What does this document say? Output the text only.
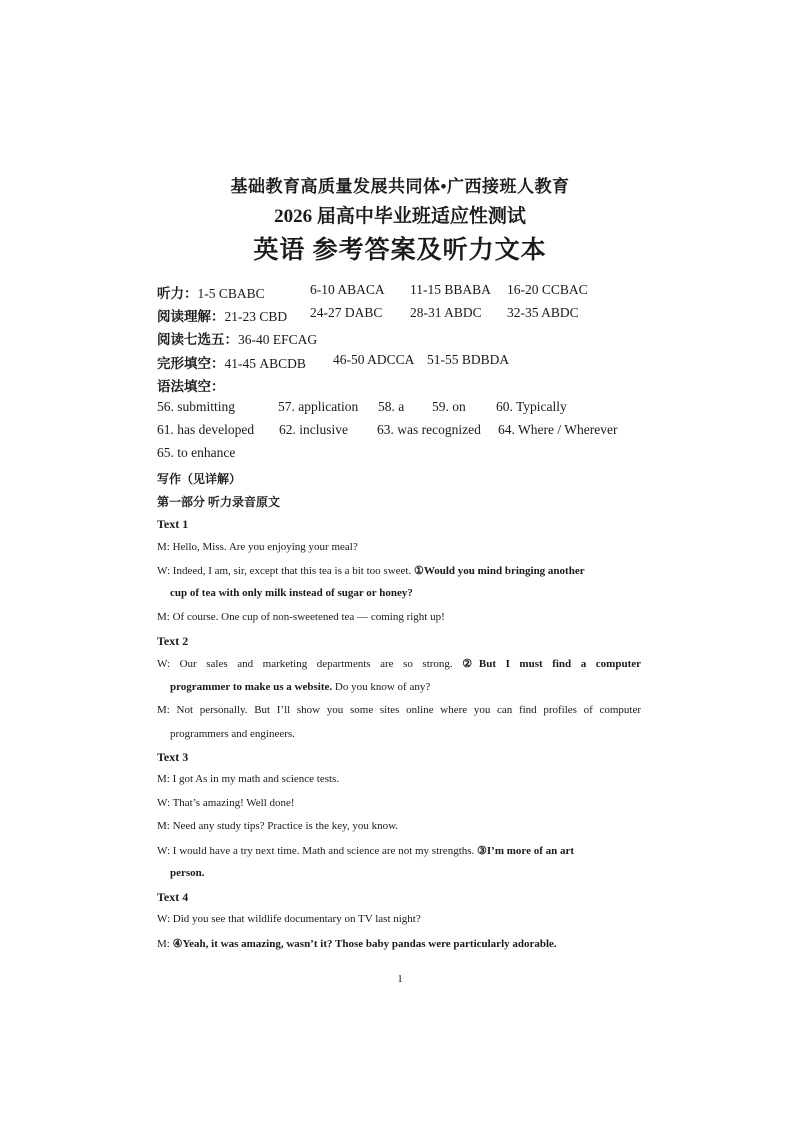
基础教育高质量发展共同体•广西接班人教育
2026 届高中毕业班适应性测试
英语 参考答案及听力文本
听力：1-5 CBABC	6-10 ABACA 11-15 BBABA 16-20 CCBAC
阅读理解：21-23 CBD 24-27 DABC 28-31 ABDC 32-35 ABDC
阅读七选五：36-40 EFCAG
完形填空：41-45 ABCDB 46-50 ADCCA 51-55 BDBDA
语法填空：
56. submitting	57. application 58. a 59. on 60. Typically
61. has developed 62. inclusive 63. was recognized 64. Where / Wherever
65. to enhance
写作（见详解）
第一部分 听力录音原文
Text 1
M: Hello, Miss. Are you enjoying your meal?
W: Indeed, I am, sir, except that this tea is a bit too sweet. ①Would you mind bringing another
cup of tea with only milk instead of sugar or honey?
M: Of course. One cup of non-sweetened tea — coming right up!
Text 2
W: Our sales and marketing departments are so strong. ②But I must find a computer
programmer to make us a website. Do you know of any?
M: Not personally. But I’ll show you some sites online where you can find profiles of computer
programmers and engineers.
Text 3
M: I got As in my math and science tests.
W: That’s amazing! Well done!
M: Need any study tips? Practice is the key, you know.
W: I would have a try next time. Math and science are not my strengths. ③I’m more of an art
person.
Text 4
W: Did you see that wildlife documentary on TV last night?
M: ④Yeah, it was amazing, wasn’t it? Those baby pandas were particularly adorable.
1
